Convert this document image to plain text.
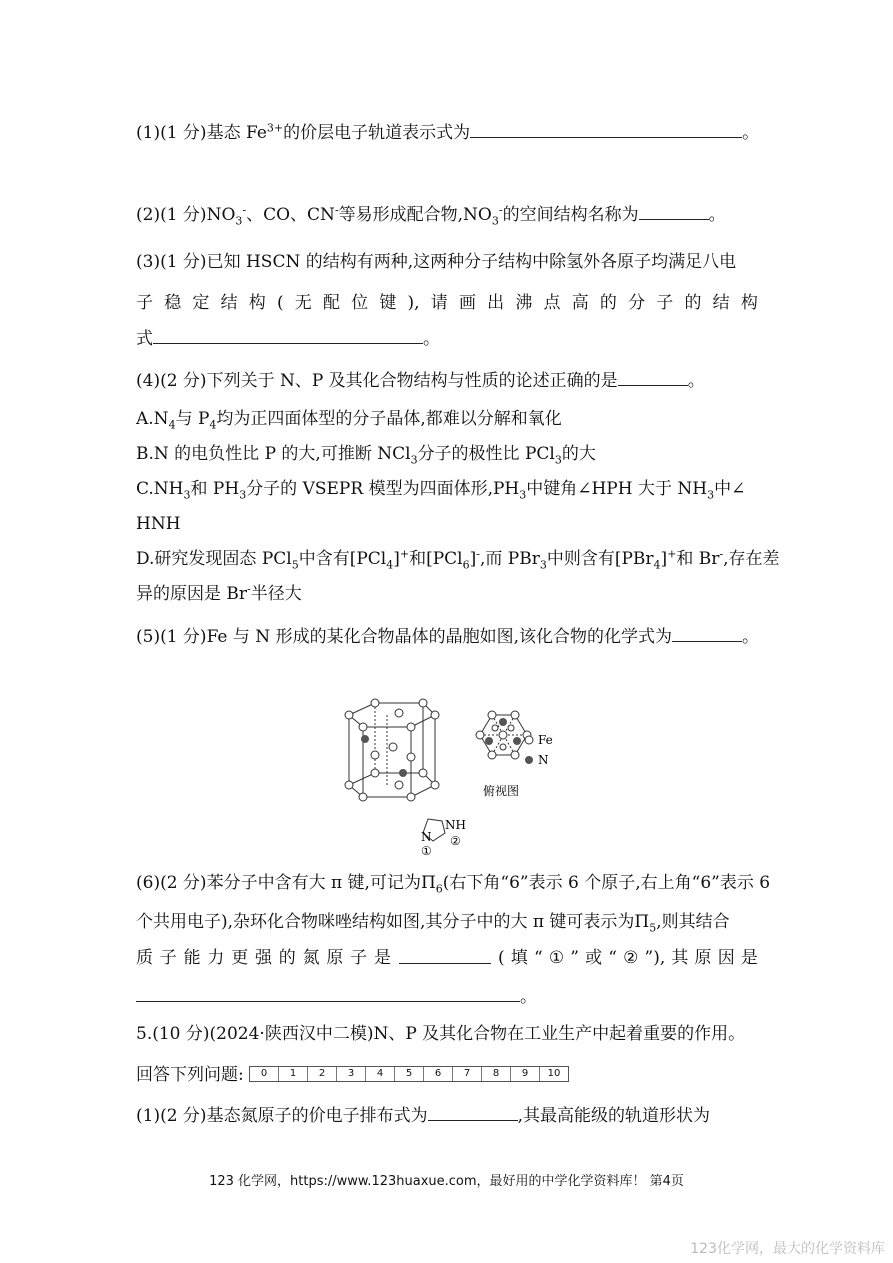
(1)(1 分)基态 $Fe^{3+}$的价层电子轨道表示式为	。
(2)(1 分)$NO_3^-$、CO、CN-等易形成配合物$,NO_3^-$的空间结构名称为	。
(3)(1 分)已知 HSCN 的结构有两种,这两种分子结构中除氢外各原子均满足八电
子 稳 定 结 构 ( 无 配 位 键 ), 请 画 出 沸 点 高 的 分 子 的 结 构
式	。
(4)(2 分)下列关于 N、P 及其化合物结构与性质的论述正确的是	。
$A.N_4$与 $P_4$均为正四面体型的分子晶体,都难以分解和氧化
B.N 的电负性比 P 的大,可推断 NCl$_3$分子的极性比 PCl$_3$的大
$C.NH_3$和 $PH_3$分子的 VSEPR 模型为四面体形$,PH_3$中键角∠HPH 大于 $NH_3$中∠
HNH
D.研究发现固态 PCl$_5$中含有[PCl$_4$]+和[PCl$_6$]-,而 PBr$_3$中则含有[PBr$_4$]+和 Br-,存在差
异的原因是 Br-半径大
(5)(1 分)Fe 与 N 形成的某化合物晶体的晶胞如图,该化合物的化学式为	。
Fe
N
俯视图
NH
N
①
②
(6)(2 分)苯分子中含有大 π 键,可记为$\Pi_6$(右下角“6”表示 6 个原子,右上角“6”表示 6
个共用电子),杂环化合物咪唑结构如图,其分子中的大 π 键可表示为$\Pi_5$,则其结合
质 子 能 力 更 强 的 氮 原 子 是	( 填 “ ① ” 或 “ ② ”), 其 原 因 是
。
5.(10 分)(2024·陕西汉中二模)N、P 及其化合物在工业生产中起着重要的作用。
回答下列问题:	0	1	2	3	4	5	6	7	8	9	10
(1)(2 分)基态氮原子的价电子排布式为	,其最高能级的轨道形状为
123 化学网，https://www.123huaxue.com，最好用的中学化学资料库！ 第4页
123化学网，最大的化学资料库
